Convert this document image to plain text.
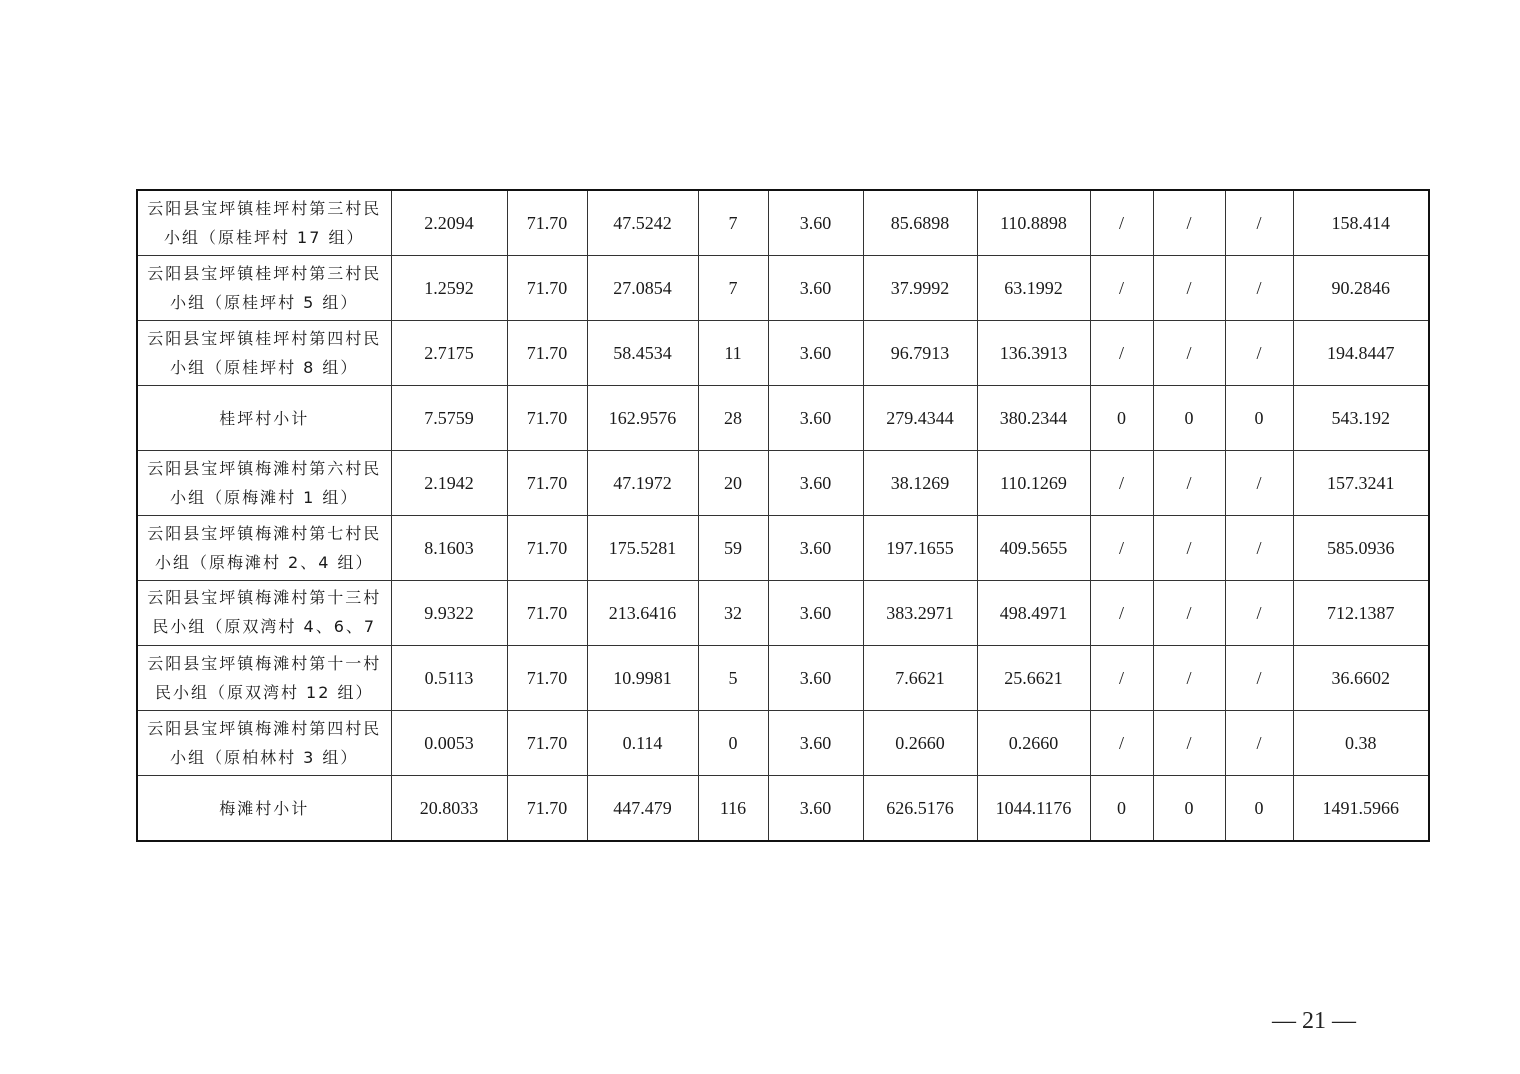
云阳县宝坪镇桂坪村第三村民小组（原桂坪村 17 组）	2.2094	71.70	47.5242	7	3.60	85.6898	110.8898	/	/	/	158.414

云阳县宝坪镇桂坪村第三村民小组（原桂坪村 5 组）	1.2592	71.70	27.0854	7	3.60	37.9992	63.1992	/	/	/	90.2846

云阳县宝坪镇桂坪村第四村民小组（原桂坪村 8 组）	2.7175	71.70	58.4534	11	3.60	96.7913	136.3913	/	/	/	194.8447

桂坪村小计	7.5759	71.70	162.9576	28	3.60	279.4344	380.2344	0	0	0	543.192

云阳县宝坪镇梅滩村第六村民小组（原梅滩村 1 组）	2.1942	71.70	47.1972	20	3.60	38.1269	110.1269	/	/	/	157.3241

云阳县宝坪镇梅滩村第七村民小组（原梅滩村 2、4 组）	8.1603	71.70	175.5281	59	3.60	197.1655	409.5655	/	/	/	585.0936

云阳县宝坪镇梅滩村第十三村民小组（原双湾村 4、6、7	9.9322	71.70	213.6416	32	3.60	383.2971	498.4971	/	/	/	712.1387

云阳县宝坪镇梅滩村第十一村民小组（原双湾村 12 组）	0.5113	71.70	10.9981	5	3.60	7.6621	25.6621	/	/	/	36.6602

云阳县宝坪镇梅滩村第四村民小组（原柏林村 3 组）	0.0053	71.70	0.114	0	3.60	0.2660	0.2660	/	/	/	0.38

梅滩村小计	20.8033	71.70	447.479	116	3.60	626.5176	1044.1176	0	0	0	1491.5966
— 21 —
